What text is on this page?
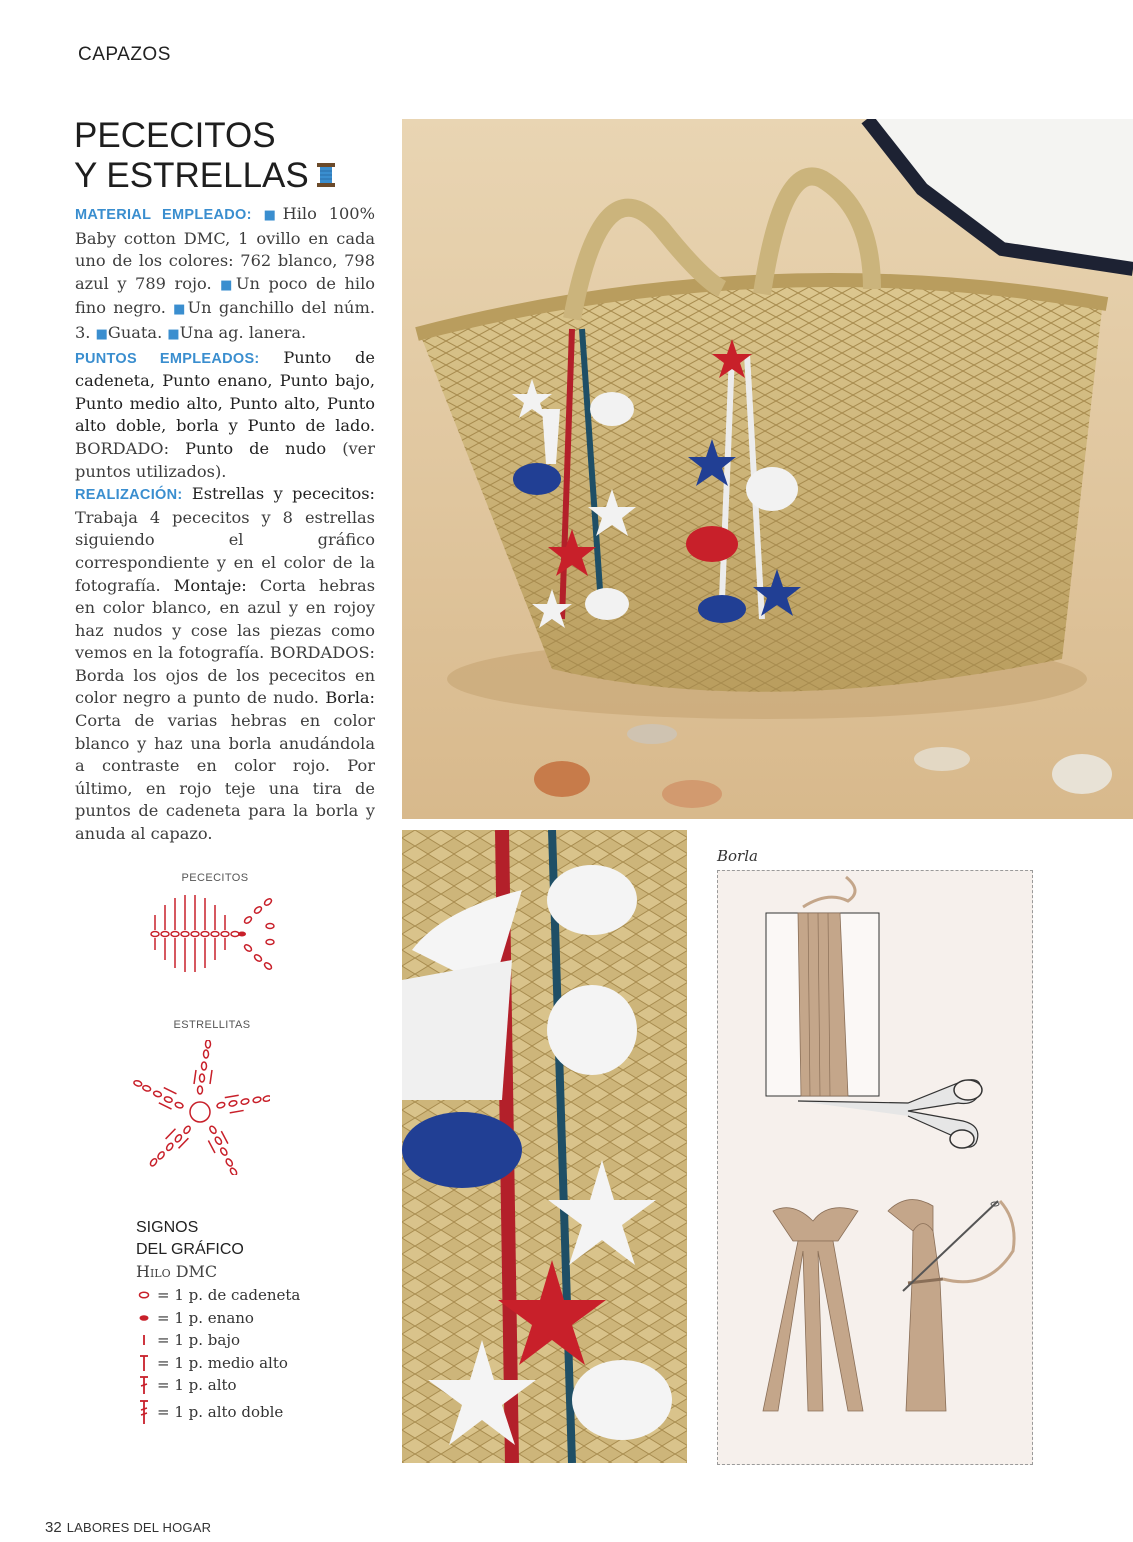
CAPAZOS
PECECITOS
Y ESTRELLAS

MATERIAL EMPLEADO: ■Hilo 100% Baby cotton DMC, 1 ovillo en cada uno de los colores: 762 blanco, 798 azul y 789 rojo. ■Un poco de hilo fino negro. ■Un ganchillo del núm. 3. ■Guata. ■Una ag. lanera.

PUNTOS EMPLEADOS: Punto de cadeneta, Punto enano, Punto bajo, Punto medio alto, Punto alto, Punto alto doble, borla y Punto de lado. BORDADO: Punto de nudo (ver puntos utilizados).

REALIZACIÓN: Estrellas y pececitos: Trabaja 4 pececitos y 8 estrellas siguiendo el gráfico correspondiente y en el color de la fotografía. Montaje: Corta hebras en color blanco, en azul y en rojoy haz nudos y cose las piezas como vemos en la fotografía. BORDADOS: Borda los ojos de los pececitos en color negro a punto de nudo. Borla: Corta de varias hebras en color blanco y haz una borla anudándola a contraste en color rojo. Por último, en rojo teje una tira de puntos de cadeneta para la borla y anuda al capazo.

Borla
PECECITOS
ESTRELLITAS
SIGNOS
DEL GRÁFICO
Hilo DMC
= 1 p. de cadeneta
= 1 p. enano
= 1 p. bajo
= 1 p. medio alto
= 1 p. alto
= 1 p. alto doble
32 LABORES DEL HOGAR
